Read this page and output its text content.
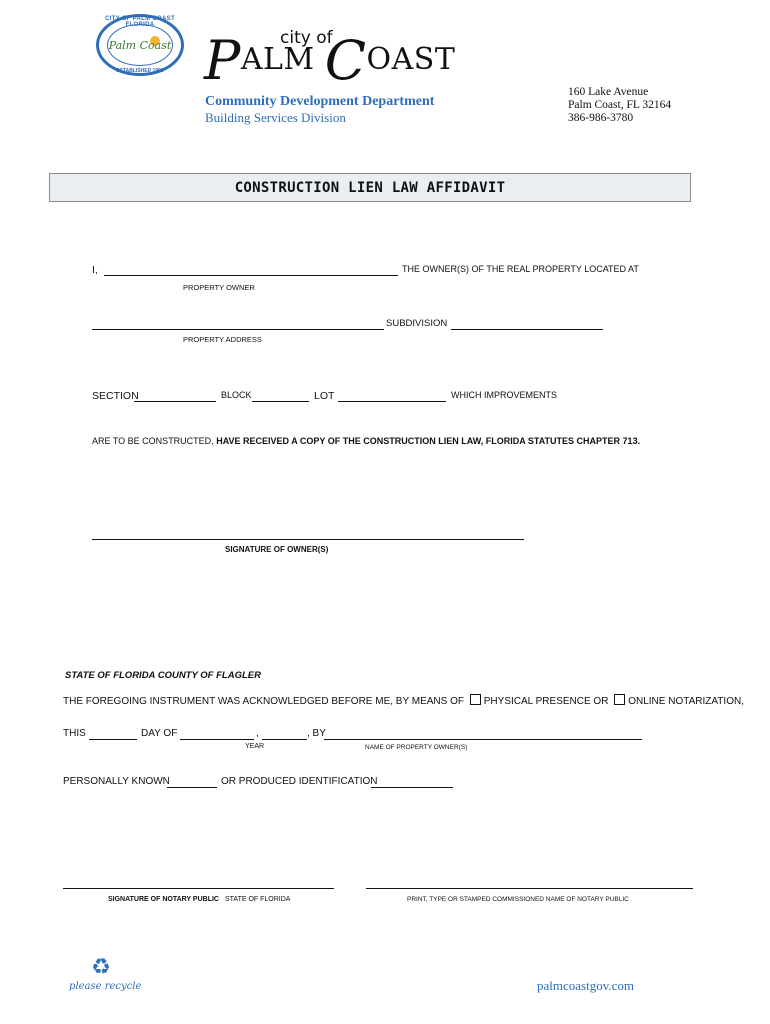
CITY OF PALM COAST FLORIDA
Palm Coast
ESTABLISHED 1999
city of
PALM COAST
Community Development Department
Building Services Division
160 Lake Avenue
Palm Coast, FL 32164
386-986-3780
CONSTRUCTION LIEN LAW AFFIDAVIT
I,	THE OWNER(S) OF THE REAL PROPERTY LOCATED AT
PROPERTY OWNER
SUBDIVISION
PROPERTY ADDRESS
SECTION	BLOCK	LOT	WHICH IMPROVEMENTS
ARE TO BE CONSTRUCTED, HAVE RECEIVED A COPY OF THE CONSTRUCTION LIEN LAW, FLORIDA STATUTES CHAPTER 713.
SIGNATURE OF OWNER(S)
STATE OF FLORIDA COUNTY OF FLAGLER
THE FOREGOING INSTRUMENT WAS ACKNOWLEDGED BEFORE ME, BY MEANS OF PHYSICAL PRESENCE OR ONLINE NOTARIZATION,
THIS	DAY OF	,	, BY
YEAR	NAME OF PROPERTY OWNER(S)
PERSONALLY KNOWN	OR PRODUCED IDENTIFICATION
SIGNATURE OF NOTARY PUBLIC STATE OF FLORIDA	PRINT, TYPE OR STAMPED COMMISSIONED NAME OF NOTARY PUBLIC
♻
please recycle	palmcoastgov.com
